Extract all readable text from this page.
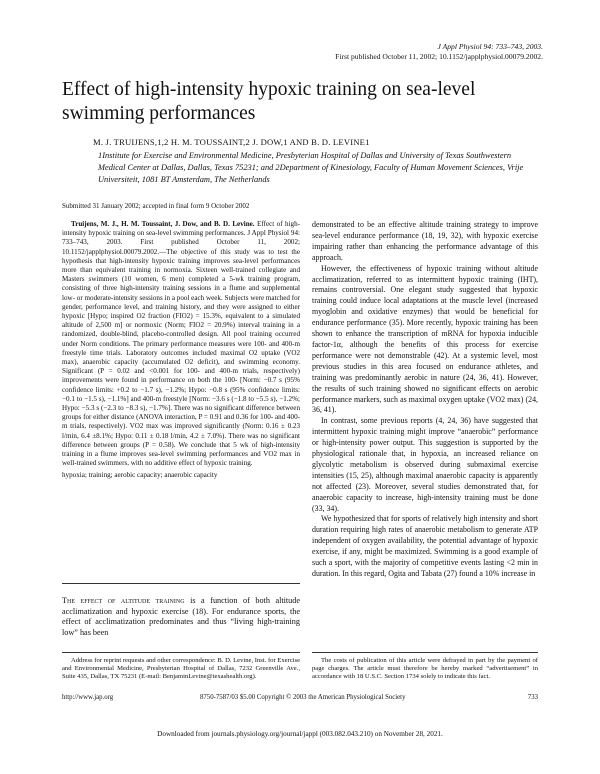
J Appl Physiol 94: 733–743, 2003.
First published October 11, 2002; 10.1152/japplphysiol.00079.2002.
Effect of high-intensity hypoxic training on sea-level swimming performances
M. J. TRUIJENS,1,2 H. M. TOUSSAINT,2 J. DOW,1 AND B. D. LEVINE1
1Institute for Exercise and Environmental Medicine, Presbyterian Hospital of Dallas and University of Texas Southwestern Medical Center at Dallas, Dallas, Texas 75231; and 2Department of Kinesiology, Faculty of Human Movement Sciences, Vrije Universiteit, 1081 BT Amsterdam, The Netherlands
Submitted 31 January 2002; accepted in final form 9 October 2002

Truijens, M. J., H. M. Toussaint, J. Dow, and B. D. Levine. Effect of high-intensity hypoxic training on sea-level swimming performances. J Appl Physiol 94: 733–743, 2003. First published October 11, 2002; 10.1152/japplphysiol.00079.2002.—The objective of this study was to test the hypothesis that high-intensity hypoxic training improves sea-level performances more than equivalent training in normoxia. Sixteen well-trained collegiate and Masters swimmers (10 women, 6 men) completed a 5-wk training program, consisting of three high-intensity training sessions in a flume and supplemental low- or moderate-intensity sessions in a pool each week. Subjects were matched for gender, performance level, and training history, and they were assigned to either hypoxic [Hypo; inspired O2 fraction (FIO2) = 15.3%, equivalent to a simulated altitude of 2,500 m] or normoxic (Norm; FIO2 = 20.9%) interval training in a randomized, double-blind, placebo-controlled design. All pool training occurred under Norm conditions. The primary performance measures were 100- and 400-m freestyle time trials. Laboratory outcomes included maximal O2 uptake (VO2 max), anaerobic capacity (accumulated O2 deficit), and swimming economy. Significant (P = 0.02 and <0.001 for 100- and 400-m trials, respectively) improvements were found in performance on both the 100- [Norm: −0.7 s (95% confidence limits: +0.2 to −1.7 s), −1.2%; Hypo: −0.8 s (95% confidence limits: −0.1 to −1.5 s), −1.1%] and 400-m freestyle [Norm: −3.6 s (−1.8 to −5.5 s), −1.2%; Hypo: −5.3 s (−2.3 to −8.3 s), −1.7%]. There was no significant difference between groups for either distance (ANOVA interaction, P = 0.91 and 0.36 for 100- and 400-m trials, respectively). VO2 max was improved significantly (Norm: 0.16 ± 0.23 l/min, 6.4 ±8.1%; Hypo: 0.11 ± 0.18 l/min, 4.2 ± 7.0%). There was no significant difference between groups (P = 0.58). We conclude that 5 wk of high-intensity training in a flume improves sea-level swimming performances and VO2 max in well-trained swimmers, with no additive effect of hypoxic training.

hypoxia; training; aerobic capacity; anaerobic capacity

The effect of altitude training is a function of both altitude acclimatization and hypoxic exercise (18). For endurance sports, the effect of acclimatization predominates and thus “living high-training low” has been

demonstrated to be an effective altitude training strategy to improve sea-level endurance performance (18, 19, 32), with hypoxic exercise impairing rather than enhancing the performance advantage of this approach.

However, the effectiveness of hypoxic training without altitude acclimatization, referred to as intermittent hypoxic training (IHT), remains controversial. One elegant study suggested that hypoxic training could induce local adaptations at the muscle level (increased myoglobin and oxidative enzymes) that would be beneficial for endurance performance (35). More recently, hypoxic training has been shown to enhance the transcription of mRNA for hypoxia inducible factor-1α, although the benefits of this process for exercise performance were not demonstrable (42). At a systemic level, most previous studies in this area focused on endurance athletes, and training was predominantly aerobic in nature (24, 36, 41). However, the results of such training showed no significant effects on aerobic performance markers, such as maximal oxygen uptake (VO2 max) (24, 36, 41).

In contrast, some previous reports (4, 24, 36) have suggested that intermittent hypoxic training might improve “anaerobic” performance or high-intensity power output. This suggestion is supported by the physiological rationale that, in hypoxia, an increased reliance on glycolytic metabolism is observed during submaximal exercise intensities (15, 25), although maximal anaerobic capacity is apparently not affected (23). Moreover, several studies demonstrated that, for anaerobic capacity to increase, high-intensity training must be done (33, 34).

We hypothesized that for sports of relatively high intensity and short duration requiring high rates of anaerobic metabolism to generate ATP independent of oxygen availability, the potential advantage of hypoxic exercise, if any, might be maximized. Swimming is a good example of such a sport, with the majority of competitive events lasting <2 min in duration. In this regard, Ogita and Tabata (27) found a 10% increase in

Address for reprint requests and other correspondence: B. D. Levine, Inst. for Exercise and Environmental Medicine, Presbyterian Hospital of Dallas, 7232 Greenville Ave., Suite 435, Dallas, TX 75231 (E-mail: BenjaminLevine@texashealth.org).

The costs of publication of this article were defrayed in part by the payment of page charges. The article must therefore be hereby marked “advertisement” in accordance with 18 U.S.C. Section 1734 solely to indicate this fact.

http://www.jap.org	8750-7587/03 $5.00 Copyright © 2003 the American Physiological Society	733
Downloaded from journals.physiology.org/journal/jappl (003.082.043.210) on November 28, 2021.
